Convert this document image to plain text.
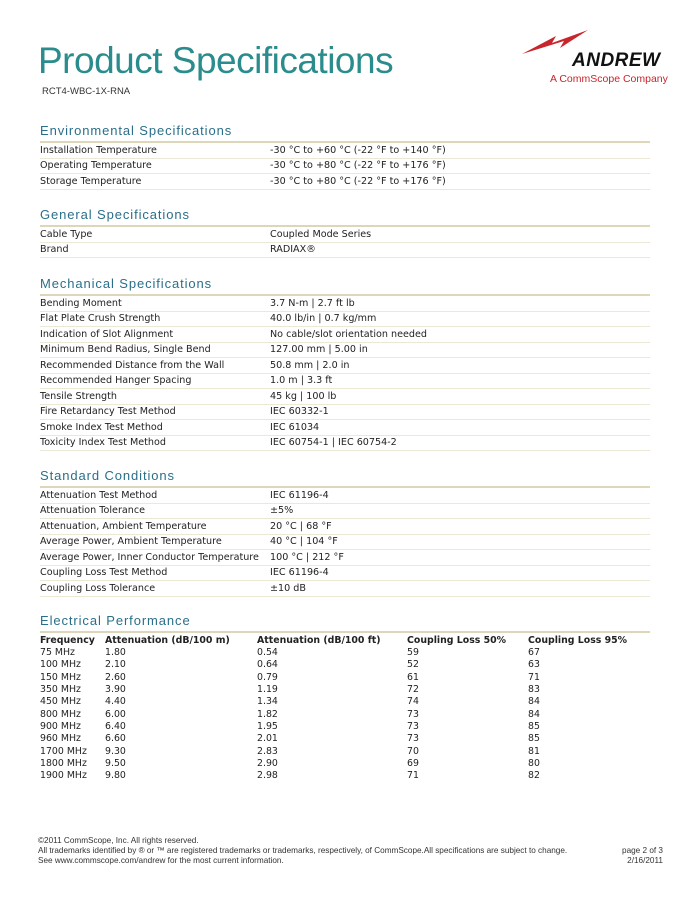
Product Specifications
RCT4-WBC-1X-RNA
ANDREW
A CommScope Company
Environmental Specifications
Installation Temperature	-30 °C to +60 °C (-22 °F to +140 °F)
Operating Temperature	-30 °C to +80 °C (-22 °F to +176 °F)
Storage Temperature	-30 °C to +80 °C (-22 °F to +176 °F)
General Specifications
Cable Type	Coupled Mode Series
Brand	RADIAX®
Mechanical Specifications
Bending Moment	3.7 N-m | 2.7 ft lb
Flat Plate Crush Strength	40.0 lb/in | 0.7 kg/mm
Indication of Slot Alignment	No cable/slot orientation needed
Minimum Bend Radius, Single Bend	127.00 mm | 5.00 in
Recommended Distance from the Wall	50.8 mm | 2.0 in
Recommended Hanger Spacing	1.0 m | 3.3 ft
Tensile Strength	45 kg | 100 lb
Fire Retardancy Test Method	IEC 60332-1
Smoke Index Test Method	IEC 61034
Toxicity Index Test Method	IEC 60754-1 | IEC 60754-2
Standard Conditions
Attenuation Test Method	IEC 61196-4
Attenuation Tolerance	±5%
Attenuation, Ambient Temperature	20 °C | 68 °F
Average Power, Ambient Temperature	40 °C | 104 °F
Average Power, Inner Conductor Temperature	100 °C | 212 °F
Coupling Loss Test Method	IEC 61196-4
Coupling Loss Tolerance	±10 dB
Electrical Performance
Frequency	Attenuation (dB/100 m)	Attenuation (dB/100 ft)	Coupling Loss 50%	Coupling Loss 95%
75 MHz	1.80	0.54	59	67
100 MHz	2.10	0.64	52	63
150 MHz	2.60	0.79	61	71
350 MHz	3.90	1.19	72	83
450 MHz	4.40	1.34	74	84
800 MHz	6.00	1.82	73	84
900 MHz	6.40	1.95	73	85
960 MHz	6.60	2.01	73	85
1700 MHz	9.30	2.83	70	81
1800 MHz	9.50	2.90	69	80
1900 MHz	9.80	2.98	71	82
©2011 CommScope, Inc. All rights reserved.
All trademarks identified by ® or ™ are registered trademarks or trademarks, respectively, of CommScope.All specifications are subject to change.
See www.commscope.com/andrew for the most current information.
page 2 of 3
2/16/2011
